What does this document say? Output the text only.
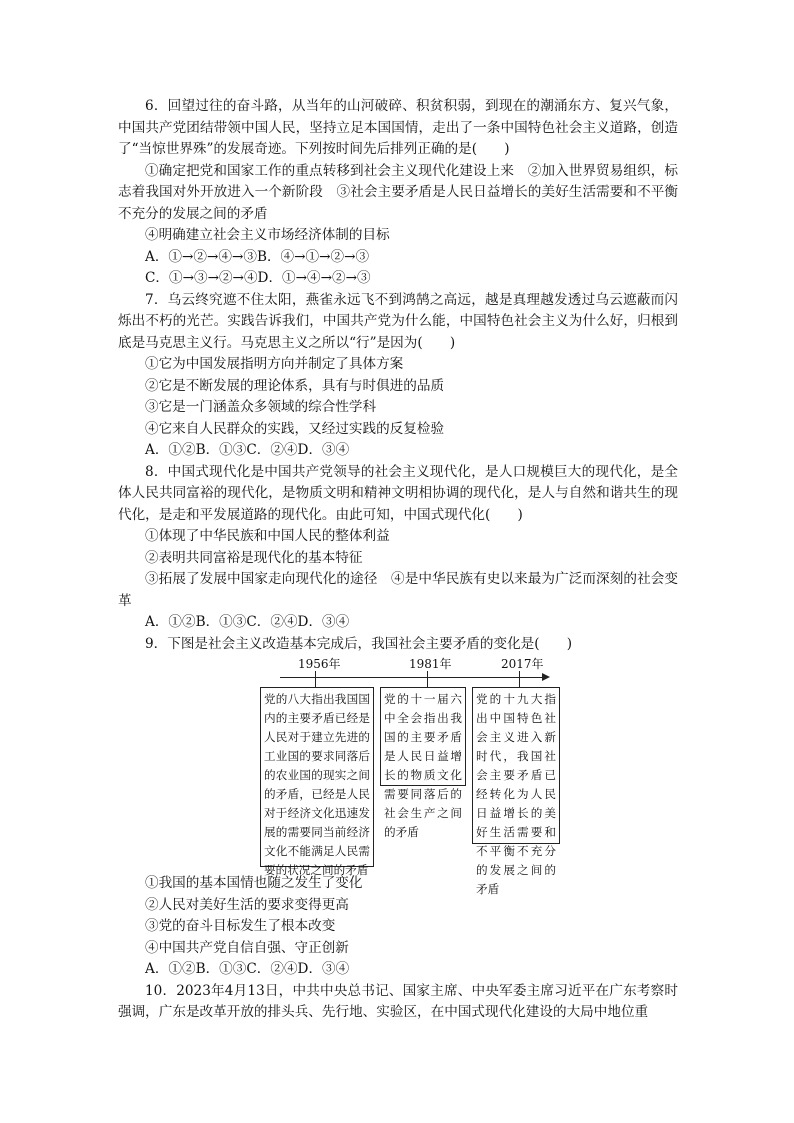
6．回望过往的奋斗路，从当年的山河破碎、积贫积弱，到现在的潮涌东方、复兴气象，中国共产党团结带领中国人民，坚持立足本国国情，走出了一条中国特色社会主义道路，创造了“当惊世界殊”的发展奇迹。下列按时间先后排列正确的是(　　)

①确定把党和国家工作的重点转移到社会主义现代化建设上来　②加入世界贸易组织，标志着我国对外开放进入一个新阶段　③社会主要矛盾是人民日益增长的美好生活需要和不平衡不充分的发展之间的矛盾

④明确建立社会主义市场经济体制的目标

A．①→②→④→③B．④→①→②→③

C．①→③→②→④D．①→④→②→③

7．乌云终究遮不住太阳，燕雀永远飞不到鸿鹄之高远，越是真理越发透过乌云遮蔽而闪烁出不朽的光芒。实践告诉我们，中国共产党为什么能，中国特色社会主义为什么好，归根到底是马克思主义行。马克思主义之所以“行”是因为(　　)

①它为中国发展指明方向并制定了具体方案

②它是不断发展的理论体系，具有与时俱进的品质

③它是一门涵盖众多领域的综合性学科

④它来自人民群众的实践，又经过实践的反复检验

A．①②B．①③C．②④D．③④

8．中国式现代化是中国共产党领导的社会主义现代化，是人口规模巨大的现代化，是全体人民共同富裕的现代化，是物质文明和精神文明相协调的现代化，是人与自然和谐共生的现代化，是走和平发展道路的现代化。由此可知，中国式现代化(　　)

①体现了中华民族和中国人民的整体利益

②表明共同富裕是现代化的基本特征

③拓展了发展中国家走向现代化的途径　④是中华民族有史以来最为广泛而深刻的社会变革

A．①②B．①③C．②④D．③④

9．下图是社会主义改造基本完成后，我国社会主要矛盾的变化是(　　)

1956年	1981年	2017年
党的八大指出我国国内的主要矛盾已经是人民对于建立先进的工业国的要求同落后的农业国的现实之间的矛盾，已经是人民对于经济文化迅速发展的需要同当前经济文化不能满足人民需要的状况之间的矛盾
党的十一届六中全会指出我国的主要矛盾是人民日益增长的物质文化需要同落后的社会生产之间的矛盾
党的十九大指出中国特色社会主义进入新时代，我国社会主要矛盾已经转化为人民日益增长的美好生活需要和不平衡不充分的发展之间的矛盾

①我国的基本国情也随之发生了变化

②人民对美好生活的要求变得更高

③党的奋斗目标发生了根本改变

④中国共产党自信自强、守正创新

A．①②B．①③C．②④D．③④

10．2023年4月13日，中共中央总书记、国家主席、中央军委主席习近平在广东考察时强调，广东是改革开放的排头兵、先行地、实验区，在中国式现代化建设的大局中地位重
